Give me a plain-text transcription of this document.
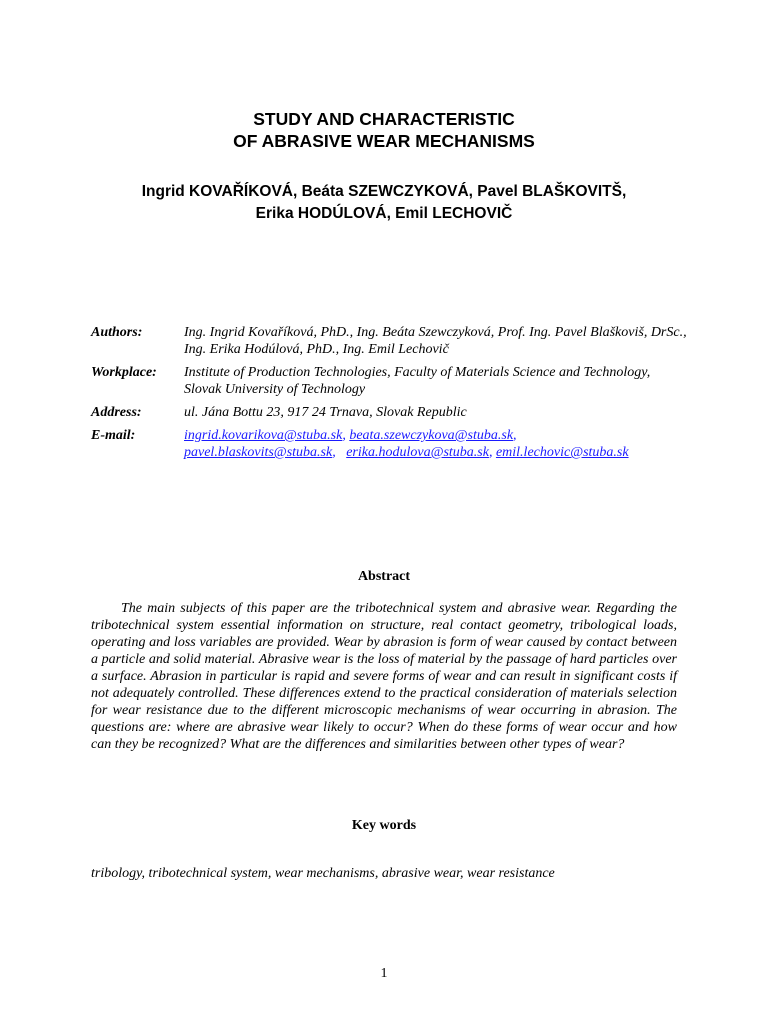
STUDY AND CHARACTERISTIC
OF ABRASIVE WEAR MECHANISMS
Ingrid KOVAŘÍKOVÁ, Beáta SZEWCZYKOVÁ, Pavel BLAŠKOVITŠ,
Erika HODÚLOVÁ, Emil LECHOVIČ
Authors:	Ing. Ingrid Kovaříková, PhD., Ing. Beáta Szewczyková, Prof. Ing. Pavel Blaškoviš, DrSc., Ing. Erika Hodúlová, PhD., Ing. Emil Lechovič
Workplace:	Institute of Production Technologies, Faculty of Materials Science and Technology, Slovak University of Technology
Address:	ul. Jána Bottu 23, 917 24 Trnava, Slovak Republic
E-mail:	ingrid.kovarikova@stuba.sk, beata.szewczykova@stuba.sk,
pavel.blaskovits@stuba.sk,   erika.hodulova@stuba.sk, emil.lechovic@stuba.sk
Abstract
The main subjects of this paper are the tribotechnical system and abrasive wear. Regarding the tribotechnical system essential information on structure, real contact geometry, tribological loads, operating and loss variables are provided. Wear by abrasion is form of wear caused by contact between a particle and solid material. Abrasive wear is the loss of material by the passage of hard particles over a surface. Abrasion in particular is rapid and severe forms of wear and can result in significant costs if not adequately controlled. These differences extend to the practical consideration of materials selection for wear resistance due to the different microscopic mechanisms of wear occurring in abrasion. The questions are: where are abrasive wear likely to occur? When do these forms of wear occur and how can they be recognized? What are the differences and similarities between other types of wear?
Key words
tribology, tribotechnical system, wear mechanisms, abrasive wear, wear resistance
1
